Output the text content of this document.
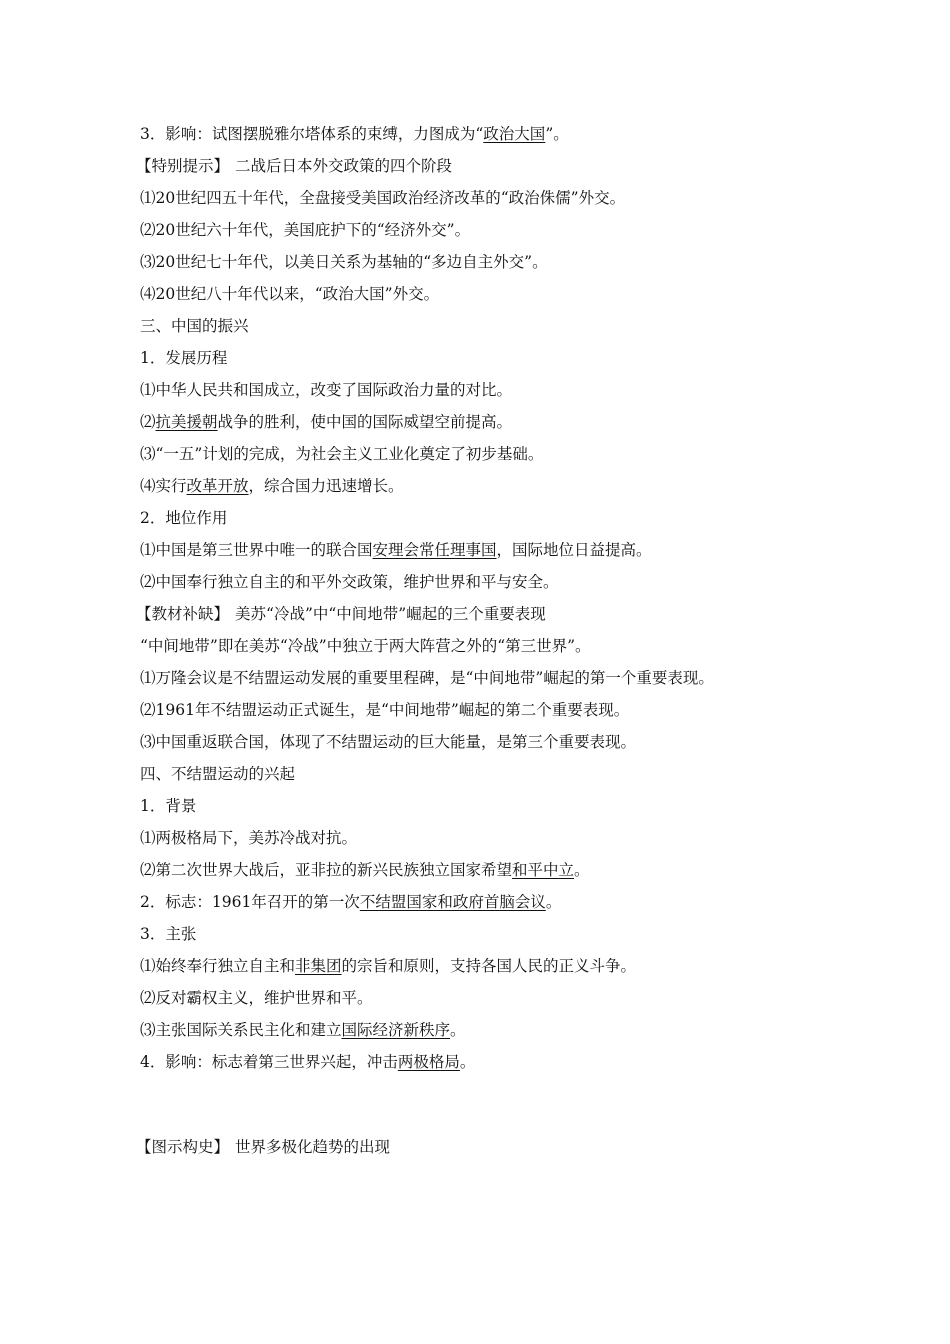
3．影响：试图摆脱雅尔塔体系的束缚，力图成为“政治大国”。
【特别提示】 二战后日本外交政策的四个阶段
⑴20世纪四五十年代，全盘接受美国政治经济改革的“政治侏儒”外交。
⑵20世纪六十年代，美国庇护下的“经济外交”。
⑶20世纪七十年代，以美日关系为基轴的“多边自主外交”。
⑷20世纪八十年代以来，“政治大国”外交。
三、中国的振兴
1．发展历程
⑴中华人民共和国成立，改变了国际政治力量的对比。
⑵抗美援朝战争的胜利，使中国的国际威望空前提高。
⑶“一五”计划的完成，为社会主义工业化奠定了初步基础。
⑷实行改革开放，综合国力迅速增长。
2．地位作用
⑴中国是第三世界中唯一的联合国安理会常任理事国，国际地位日益提高。
⑵中国奉行独立自主的和平外交政策，维护世界和平与安全。
【教材补缺】 美苏“冷战”中“中间地带”崛起的三个重要表现
“中间地带”即在美苏“冷战”中独立于两大阵营之外的“第三世界”。
⑴万隆会议是不结盟运动发展的重要里程碑，是“中间地带”崛起的第一个重要表现。
⑵1961年不结盟运动正式诞生，是“中间地带”崛起的第二个重要表现。
⑶中国重返联合国，体现了不结盟运动的巨大能量，是第三个重要表现。
四、不结盟运动的兴起
1．背景
⑴两极格局下，美苏冷战对抗。
⑵第二次世界大战后，亚非拉的新兴民族独立国家希望和平中立。
2．标志：1961年召开的第一次不结盟国家和政府首脑会议。
3．主张
⑴始终奉行独立自主和非集团的宗旨和原则，支持各国人民的正义斗争。
⑵反对霸权主义，维护世界和平。
⑶主张国际关系民主化和建立国际经济新秩序。
4．影响：标志着第三世界兴起，冲击两极格局。
【图示构史】 世界多极化趋势的出现
